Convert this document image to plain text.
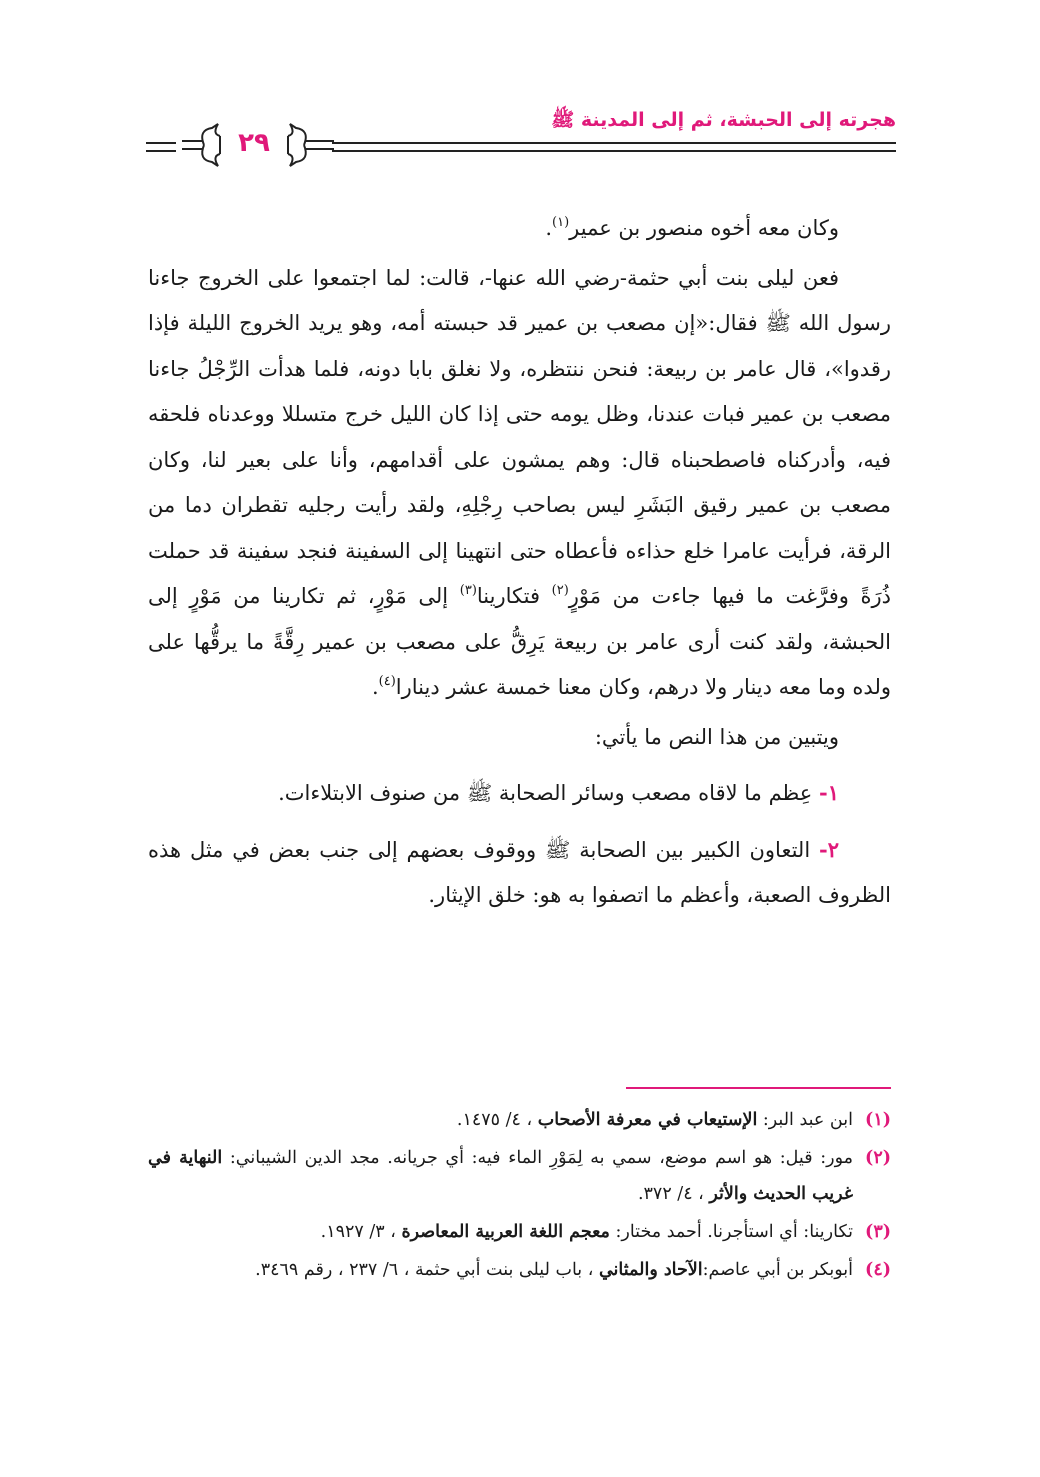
٢٩
هجرته إلى الحبشة، ثم إلى المدينة ﷺ

وكان معه أخوه منصور بن عمير$^{(١)}$.

فعن ليلى بنت أبي حثمة-رضي الله عنها-، قالت: لما اجتمعوا على الخروج جاءنا رسول الله ﷺ فقال:«إن مصعب بن عمير قد حبسته أمه، وهو يريد الخروج الليلة فإذا رقدوا»، قال عامر بن ربيعة: فنحن ننتظره، ولا نغلق بابا دونه، فلما هدأت الرِّجْلُ جاءنا مصعب بن عمير فبات عندنا، وظل يومه حتى إذا كان الليل خرج متسللا ووعدناه فلحقه فيه، وأدركناه فاصطحبناه قال: وهم يمشون على أقدامهم، وأنا على بعير لنا، وكان مصعب بن عمير رقيق البَشَرِ ليس بصاحب رِجْلِهِ، ولقد رأيت رجليه تقطران دما من الرقة، فرأيت عامرا خلع حذاءه فأعطاه حتى انتهينا إلى السفينة فنجد سفينة قد حملت ذُرَةً وفرَّغت ما فيها جاءت من مَوْرٍ$^{(٢)}$ فتكارينا$^{(٣)}$ إلى مَوْرٍ، ثم تكارينا من مَوْرٍ إلى الحبشة، ولقد كنت أرى عامر بن ربيعة يَرِقُّ على مصعب بن عمير رِقَّةً ما يرقُّها على ولده وما معه دينار ولا درهم، وكان معنا خمسة عشر دينارا$^{(٤)}$.

ويتبين من هذا النص ما يأتي:

١- عِظم ما لاقاه مصعب وسائر الصحابة ﷺ من صنوف الابتلاءات.

٢- التعاون الكبير بين الصحابة ﷺ ووقوف بعضهم إلى جنب بعض في مثل هذه الظروف الصعبة، وأعظم ما اتصفوا به هو: خلق الإيثار.

(١)
ابن عبد البر: الإستيعاب في معرفة الأصحاب ، ٤/ ١٤٧٥.
(٢)
مور: قيل: هو اسم موضع، سمي به لِمَوْرِ الماء فيه: أي جريانه. مجد الدين الشيباني: النهاية في غريب الحديث والأثر ، ٤/ ٣٧٢.
(٣)
تكارينا: أي استأجرنا. أحمد مختار: معجم اللغة العربية المعاصرة ، ٣/ ١٩٢٧.
(٤)
أبوبكر بن أبي عاصم:الآحاد والمثاني ، باب ليلى بنت أبي حثمة ، ٦/ ٢٣٧ ، رقم ٣٤٦٩.
